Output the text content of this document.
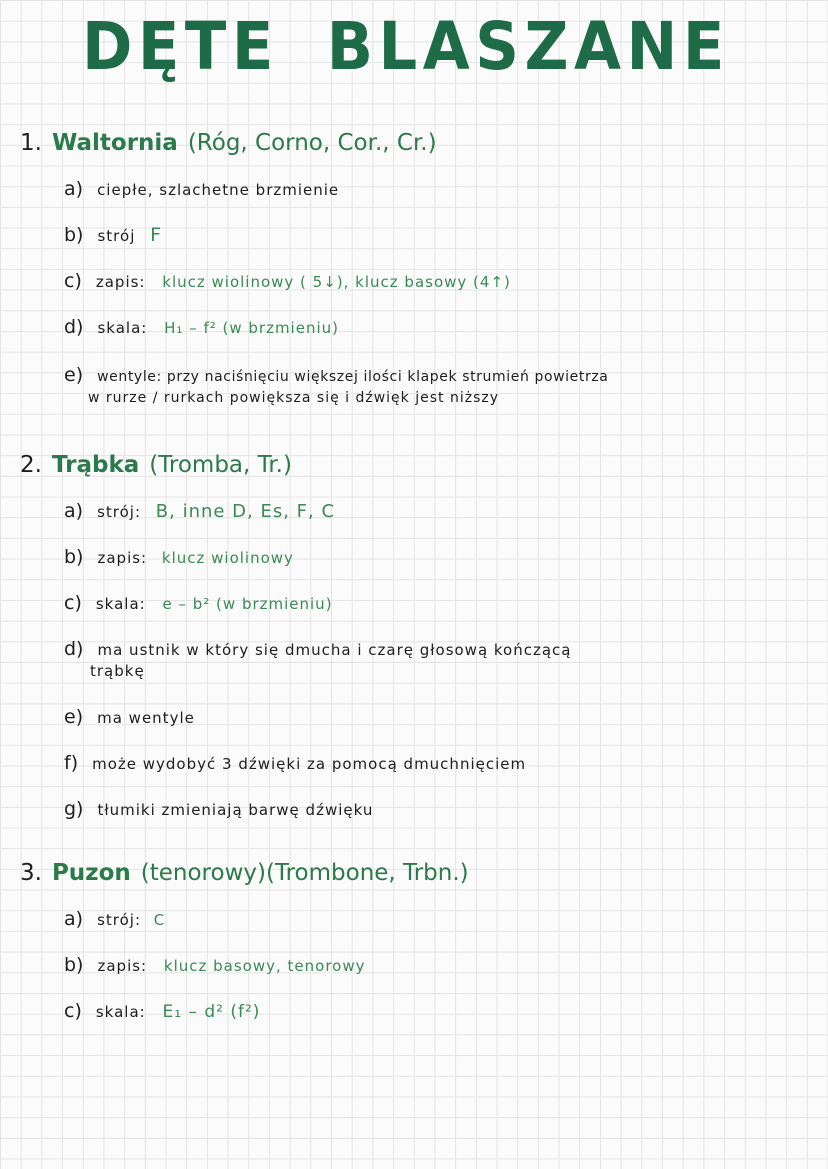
DĘTE BLASZANE
1. Waltornia (Róg, Corno, Cor., Cr.)
a) ciepłe, szlachetne brzmienie
b) strój F
c) zapis: klucz wiolinowy ( 5↓), klucz basowy (4↑)
d) skala: H₁ – f² (w brzmieniu)
e) wentyle: przy naciśnięciu większej ilości klapek strumień powietrza
w rurze / rurkach powiększa się i dźwięk jest niższy
2. Trąbka (Tromba, Tr.)
a) strój: B, inne D, Es, F, C
b) zapis: klucz wiolinowy
c) skala: e – b² (w brzmieniu)
d) ma ustnik w który się dmucha i czarę głosową kończącą
trąbkę
e) ma wentyle
f) może wydobyć 3 dźwięki za pomocą dmuchnięciem
g) tłumiki zmieniają barwę dźwięku
3. Puzon (tenorowy)(Trombone, Trbn.)
a) strój: C
b) zapis: klucz basowy, tenorowy
c) skala: E₁ – d² (f²)
